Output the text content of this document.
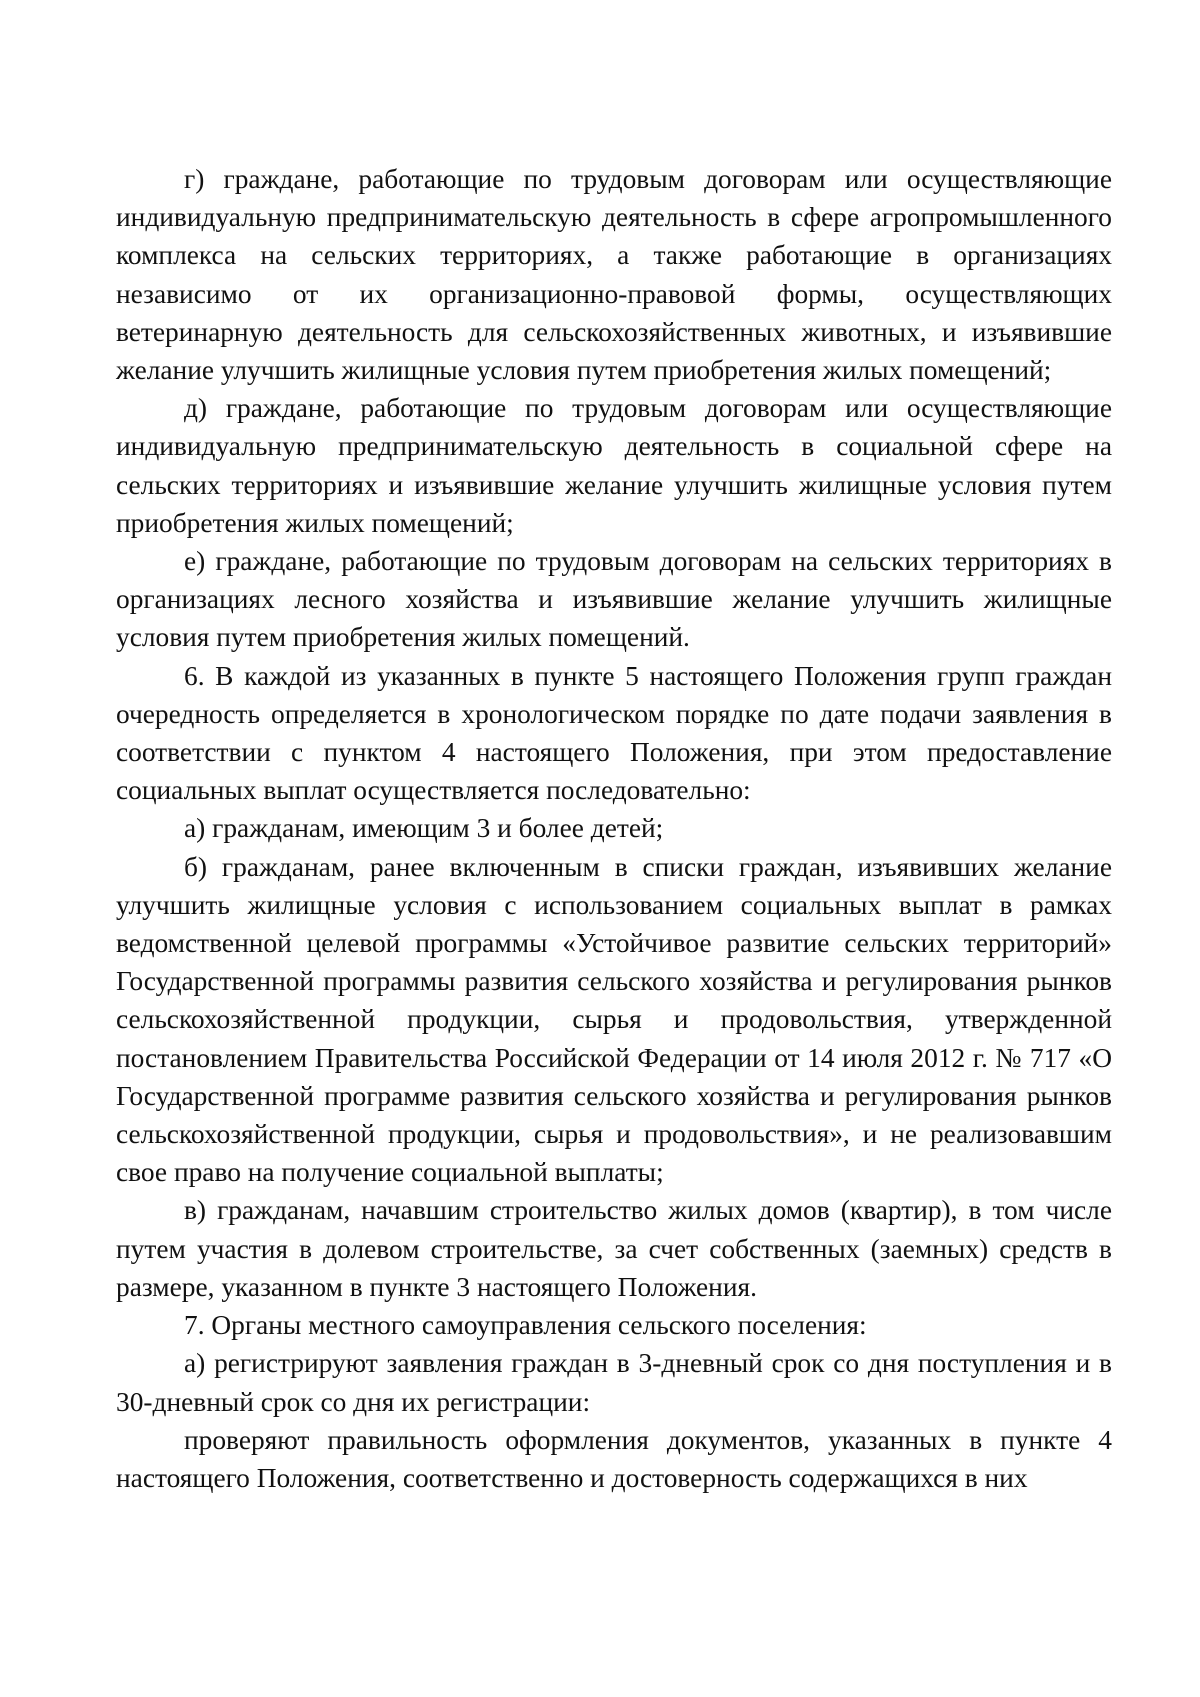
г) граждане, работающие по трудовым договорам или осуществляющие индивидуальную предпринимательскую деятельность в сфере агропромышленного комплекса на сельских территориях, а также работающие в организациях независимо от их организационно-правовой формы, осуществляющих ветеринарную деятельность для сельскохозяйственных животных, и изъявившие желание улучшить жилищные условия путем приобретения жилых помещений;

д) граждане, работающие по трудовым договорам или осуществляющие индивидуальную предпринимательскую деятельность в социальной сфере на сельских территориях и изъявившие желание улучшить жилищные условия путем приобретения жилых помещений;

е) граждане, работающие по трудовым договорам на сельских территориях в организациях лесного хозяйства и изъявившие желание улучшить жилищные условия путем приобретения жилых помещений.

6. В каждой из указанных в пункте 5 настоящего Положения групп граждан очередность определяется в хронологическом порядке по дате подачи заявления в соответствии с пунктом 4 настоящего Положения, при этом предоставление социальных выплат осуществляется последовательно:

а) гражданам, имеющим 3 и более детей;

б) гражданам, ранее включенным в списки граждан, изъявивших желание улучшить жилищные условия с использованием социальных выплат в рамках ведомственной целевой программы «Устойчивое развитие сельских территорий» Государственной программы развития сельского хозяйства и регулирования рынков сельскохозяйственной продукции, сырья и продовольствия, утвержденной постановлением Правительства Российской Федерации от 14 июля 2012 г. № 717 «О Государственной программе развития сельского хозяйства и регулирования рынков сельскохозяйственной продукции, сырья и продовольствия», и не реализовавшим свое право на получение социальной выплаты;

в) гражданам, начавшим строительство жилых домов (квартир), в том числе путем участия в долевом строительстве, за счет собственных (заемных) средств в размере, указанном в пункте 3 настоящего Положения.

7. Органы местного самоуправления сельского поселения:

а) регистрируют заявления граждан в 3-дневный срок со дня поступления и в 30-дневный срок со дня их регистрации:

проверяют правильность оформления документов, указанных в пункте 4 настоящего Положения, соответственно и достоверность содержащихся в них
